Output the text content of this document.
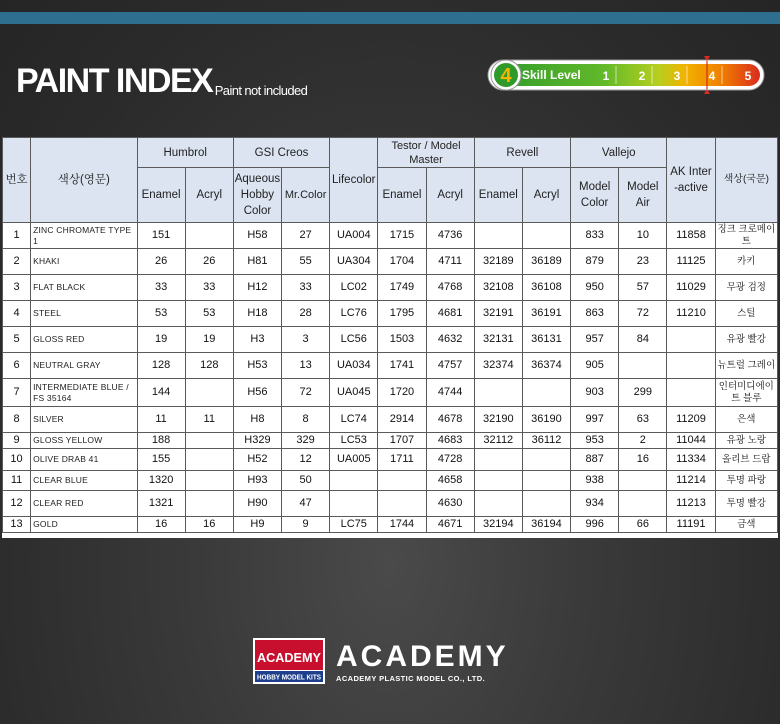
PAINT INDEX
- Paint not included
4 Skill Level 1 2 3 4 5
번호	색상(영문)	Humbrol		GSI Creos		Lifecolor	Testor / Model Master		Revell		Vallejo		AK Inter -active	색상(국문)
		Enamel	Acryl	Aqueous Hobby Color	Mr.Color		Enamel	Acryl	Enamel	Acryl	Model Color	Model Air		
1	ZINC CHROMATE TYPE 1	151		H58	27	UA004	1715	4736			833	10	11858	징크 크로메이트
2	KHAKI	26	26	H81	55	UA304	1704	4711	32189	36189	879	23	11125	카키
3	FLAT BLACK	33	33	H12	33	LC02	1749	4768	32108	36108	950	57	11029	무광 검정
4	STEEL	53	53	H18	28	LC76	1795	4681	32191	36191	863	72	11210	스틸
5	GLOSS RED	19	19	H3	3	LC56	1503	4632	32131	36131	957	84		유광 빨강
6	NEUTRAL GRAY	128	128	H53	13	UA034	1741	4757	32374	36374	905			뉴트럴 그레이
7	INTERMEDIATE BLUE / FS 35164	144		H56	72	UA045	1720	4744			903	299		인터미디에이트 블루
8	SILVER	11	11	H8	8	LC74	2914	4678	32190	36190	997	63	11209	은색
9	GLOSS YELLOW	188		H329	329	LC53	1707	4683	32112	36112	953	2	11044	유광 노랑
10	OLIVE DRAB 41	155		H52	12	UA005	1711	4728			887	16	11334	올리브 드랍
11	CLEAR BLUE	1320		H93	50			4658			938		11214	투명 파랑
12	CLEAR RED	1321		H90	47			4630			934		11213	투명 빨강
13	GOLD	16	16	H9	9	LC75	1744	4671	32194	36194	996	66	11191	금색
ACADEMY
HOBBY MODEL KITS
ACADEMY
ACADEMY PLASTIC MODEL CO., LTD.
